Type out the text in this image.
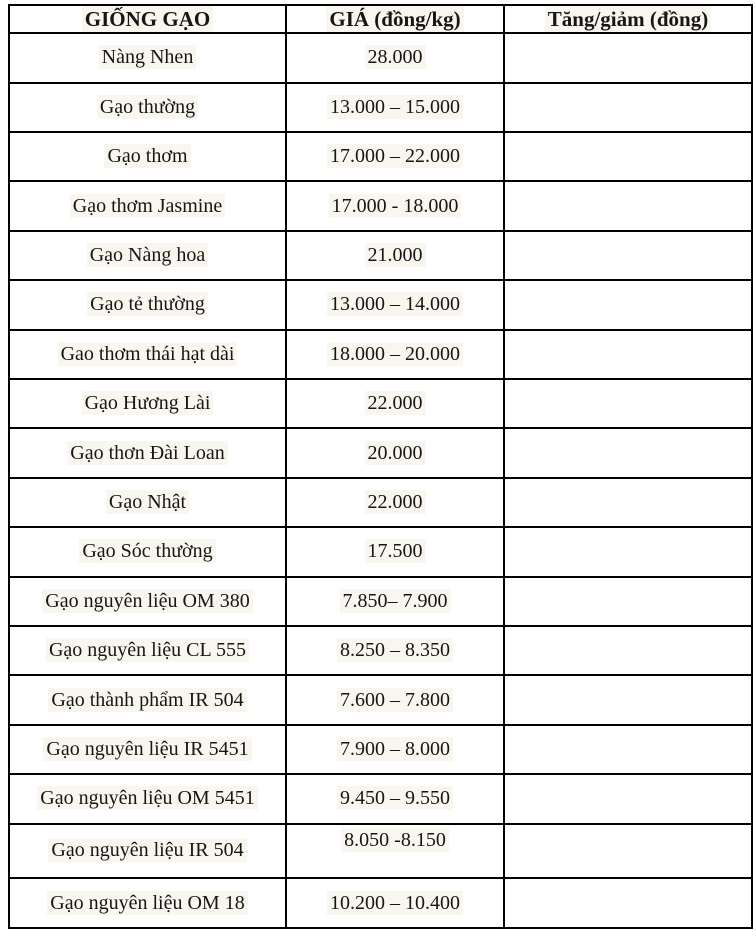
GIỐNG GẠO	GIÁ (đồng/kg)	Tăng/giảm (đồng)
Nàng Nhen	28.000	
Gạo thường	13.000 – 15.000	
Gạo thơm	17.000 – 22.000	
Gạo thơm Jasmine	17.000 - 18.000	
Gạo Nàng hoa	21.000	
Gạo tẻ thường	13.000 – 14.000	
Gao thơm thái hạt dài	18.000 – 20.000	
Gạo Hương Lài	22.000	
Gạo thơn Đài Loan	20.000	
Gạo Nhật	22.000	
Gạo Sóc thường	17.500	
Gạo nguyên liệu OM 380	7.850– 7.900	
Gạo nguyên liệu CL 555	8.250 – 8.350	
Gạo thành phẩm IR 504	7.600 – 7.800	
Gạo nguyên liệu IR 5451	7.900 – 8.000	
Gạo nguyên liệu OM 5451	9.450 – 9.550	
Gạo nguyên liệu IR 504	8.050 -8.150	
Gạo nguyên liệu OM 18	10.200 – 10.400	
